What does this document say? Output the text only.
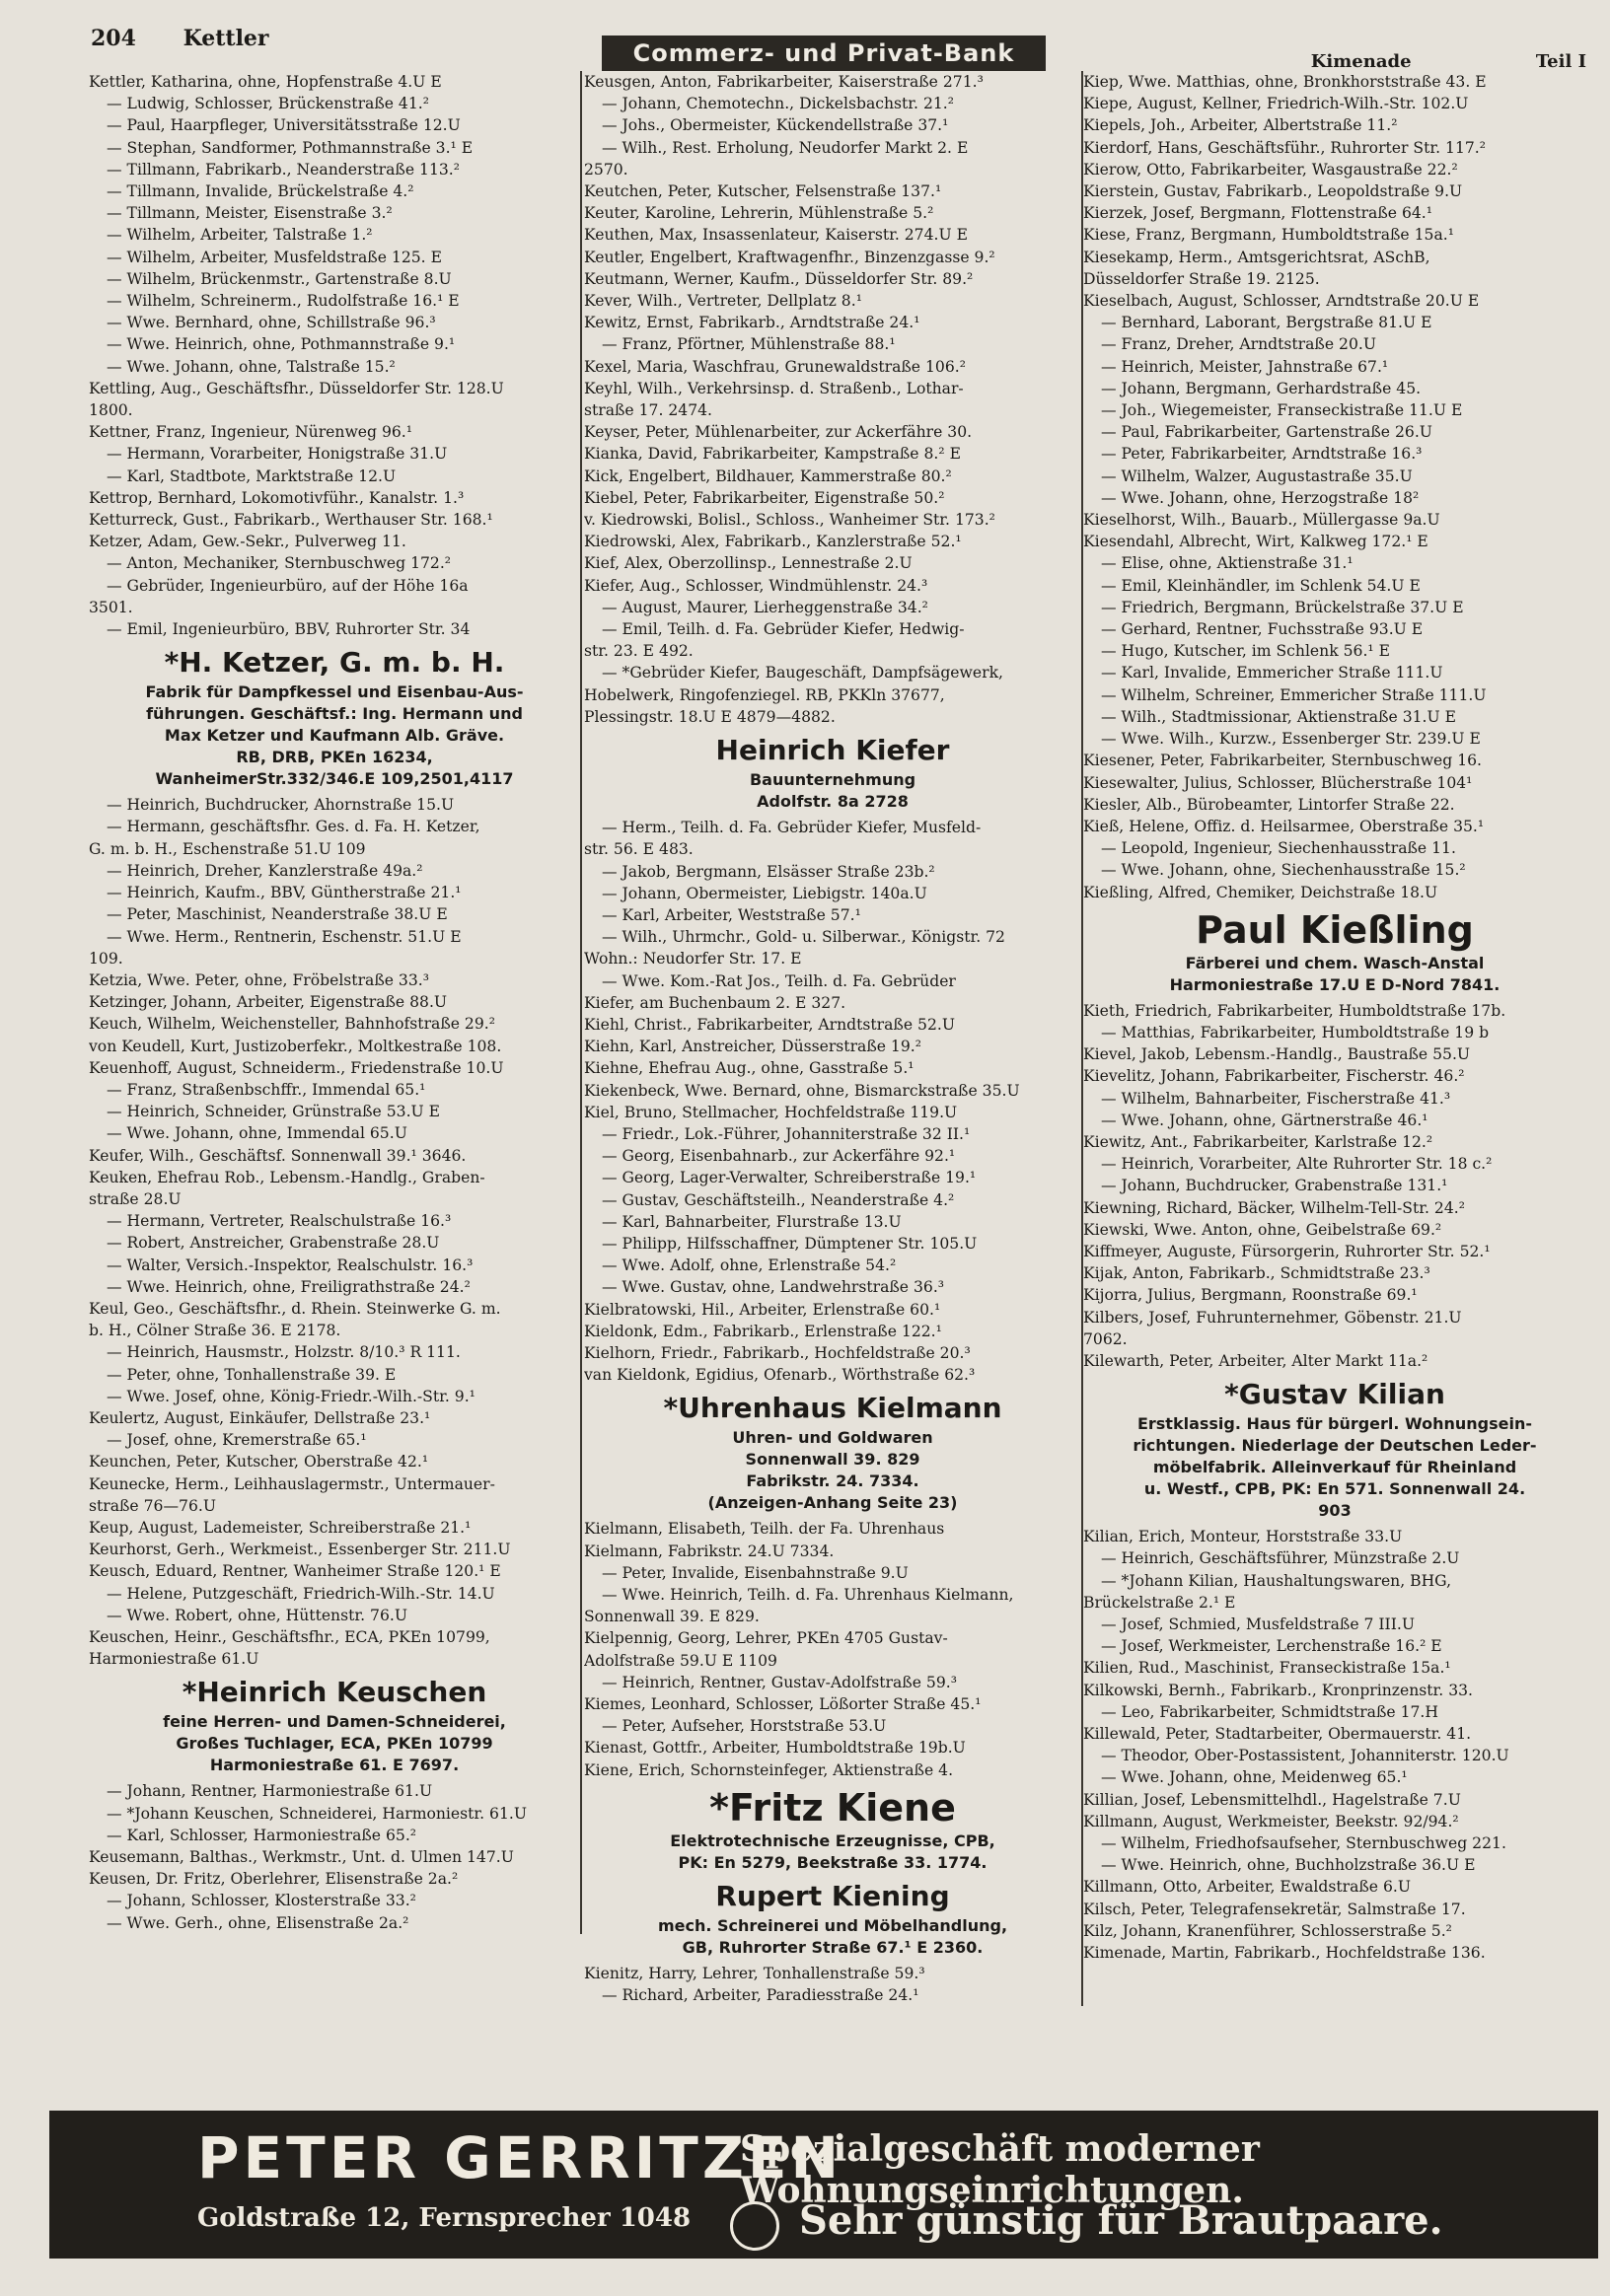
204 Kettler
Commerz- und Privat-Bank	Kimenade	Teil I
Kettler, Katharina, ohne, Hopfenstraße 4.U E
— Ludwig, Schlosser, Brückenstraße 41.²
— Paul, Haarpfleger, Universitätsstraße 12.U
— Stephan, Sandformer, Pothmannstraße 3.¹ E
— Tillmann, Fabrikarb., Neanderstraße 113.²
— Tillmann, Invalide, Brückelstraße 4.²
— Tillmann, Meister, Eisenstraße 3.²
— Wilhelm, Arbeiter, Talstraße 1.²
— Wilhelm, Arbeiter, Musfeldstraße 125. E
— Wilhelm, Brückenmstr., Gartenstraße 8.U
— Wilhelm, Schreinerm., Rudolfstraße 16.¹ E
— Wwe. Bernhard, ohne, Schillstraße 96.³
— Wwe. Heinrich, ohne, Pothmannstraße 9.¹
— Wwe. Johann, ohne, Talstraße 15.²
Kettling, Aug., Geschäftsfhr., Düsseldorfer Str. 128.U
1800.
Kettner, Franz, Ingenieur, Nürenweg 96.¹
— Hermann, Vorarbeiter, Honigstraße 31.U
— Karl, Stadtbote, Marktstraße 12.U
Kettrop, Bernhard, Lokomotivführ., Kanalstr. 1.³
Ketturreck, Gust., Fabrikarb., Werthauser Str. 168.¹
Ketzer, Adam, Gew.-Sekr., Pulverweg 11.
— Anton, Mechaniker, Sternbuschweg 172.²
— Gebrüder, Ingenieurbüro, auf der Höhe 16a
3501.
— Emil, Ingenieurbüro, BBV, Ruhrorter Str. 34
*H. Ketzer, G. m. b. H.
Fabrik für Dampfkessel und Eisenbau-Aus-
führungen. Geschäftsf.: Ing. Hermann und
Max Ketzer und Kaufmann Alb. Gräve.
RB, DRB, PKEn 16234,
WanheimerStr.332/346.E 109,2501,4117
— Heinrich, Buchdrucker, Ahornstraße 15.U
— Hermann, geschäftsfhr. Ges. d. Fa. H. Ketzer,
G. m. b. H., Eschenstraße 51.U 109
— Heinrich, Dreher, Kanzlerstraße 49a.²
— Heinrich, Kaufm., BBV, Güntherstraße 21.¹
— Peter, Maschinist, Neanderstraße 38.U E
— Wwe. Herm., Rentnerin, Eschenstr. 51.U E
109.
Ketzia, Wwe. Peter, ohne, Fröbelstraße 33.³
Ketzinger, Johann, Arbeiter, Eigenstraße 88.U
Keuch, Wilhelm, Weichensteller, Bahnhofstraße 29.²
von Keudell, Kurt, Justizoberfekr., Moltkestraße 108.
Keuenhoff, August, Schneiderm., Friedenstraße 10.U
— Franz, Straßenbschffr., Immendal 65.¹
— Heinrich, Schneider, Grünstraße 53.U E
— Wwe. Johann, ohne, Immendal 65.U
Keufer, Wilh., Geschäftsf. Sonnenwall 39.¹ 3646.
Keuken, Ehefrau Rob., Lebensm.-Handlg., Graben-
straße 28.U
— Hermann, Vertreter, Realschulstraße 16.³
— Robert, Anstreicher, Grabenstraße 28.U
— Walter, Versich.-Inspektor, Realschulstr. 16.³
— Wwe. Heinrich, ohne, Freiligrathstraße 24.²
Keul, Geo., Geschäftsfhr., d. Rhein. Steinwerke G. m.
b. H., Cölner Straße 36. E 2178.
— Heinrich, Hausmstr., Holzstr. 8/10.³ R 111.
— Peter, ohne, Tonhallenstraße 39. E
— Wwe. Josef, ohne, König-Friedr.-Wilh.-Str. 9.¹
Keulertz, August, Einkäufer, Dellstraße 23.¹
— Josef, ohne, Kremerstraße 65.¹
Keunchen, Peter, Kutscher, Oberstraße 42.¹
Keunecke, Herm., Leihhauslagermstr., Untermauer-
straße 76—76.U
Keup, August, Lademeister, Schreiberstraße 21.¹
Keurhorst, Gerh., Werkmeist., Essenberger Str. 211.U
Keusch, Eduard, Rentner, Wanheimer Straße 120.¹ E
— Helene, Putzgeschäft, Friedrich-Wilh.-Str. 14.U
— Wwe. Robert, ohne, Hüttenstr. 76.U
Keuschen, Heinr., Geschäftsfhr., ECA, PKEn 10799,
Harmoniestraße 61.U
*Heinrich Keuschen
feine Herren- und Damen-Schneiderei,
Großes Tuchlager, ECA, PKEn 10799
Harmoniestraße 61. E 7697.
— Johann, Rentner, Harmoniestraße 61.U
— *Johann Keuschen, Schneiderei, Harmoniestr. 61.U
— Karl, Schlosser, Harmoniestraße 65.²
Keusemann, Balthas., Werkmstr., Unt. d. Ulmen 147.U
Keusen, Dr. Fritz, Oberlehrer, Elisenstraße 2a.²
— Johann, Schlosser, Klosterstraße 33.²
— Wwe. Gerh., ohne, Elisenstraße 2a.²
Keusgen, Anton, Fabrikarbeiter, Kaiserstraße 271.³
— Johann, Chemotechn., Dickelsbachstr. 21.²
— Johs., Obermeister, Kückendellstraße 37.¹
— Wilh., Rest. Erholung, Neudorfer Markt 2. E
2570.
Keutchen, Peter, Kutscher, Felsenstraße 137.¹
Keuter, Karoline, Lehrerin, Mühlenstraße 5.²
Keuthen, Max, Insassenlateur, Kaiserstr. 274.U E
Keutler, Engelbert, Kraftwagenfhr., Binzenzgasse 9.²
Keutmann, Werner, Kaufm., Düsseldorfer Str. 89.²
Kever, Wilh., Vertreter, Dellplatz 8.¹
Kewitz, Ernst, Fabrikarb., Arndtstraße 24.¹
— Franz, Pförtner, Mühlenstraße 88.¹
Kexel, Maria, Waschfrau, Grunewaldstraße 106.²
Keyhl, Wilh., Verkehrsinsp. d. Straßenb., Lothar-
straße 17. 2474.
Keyser, Peter, Mühlenarbeiter, zur Ackerfähre 30.
Kiankа, David, Fabrikarbeiter, Kampstraße 8.² E
Kick, Engelbert, Bildhauer, Kammerstraße 80.²
Kiebel, Peter, Fabrikarbeiter, Eigenstraße 50.²
v. Kiedrowski, Bolisl., Schloss., Wanheimer Str. 173.²
Kiedrowski, Alex, Fabrikarb., Kanzlerstraße 52.¹
Kief, Alex, Oberzollinsp., Lennestraße 2.U
Kiefer, Aug., Schlosser, Windmühlenstr. 24.³
— August, Maurer, Lierheggenstraße 34.²
— Emil, Teilh. d. Fa. Gebrüder Kiefer, Hedwig-
str. 23. E 492.
— *Gebrüder Kiefer, Baugeschäft, Dampfsägewerk,
Hobelwerk, Ringofenziegel. RB, PKKln 37677,
Plessingstr. 18.U E 4879—4882.
Heinrich Kiefer
Bauunternehmung
Adolfstr. 8a 2728
— Herm., Teilh. d. Fa. Gebrüder Kiefer, Musfeld-
str. 56. E 483.
— Jakob, Bergmann, Elsässer Straße 23b.²
— Johann, Obermeister, Liebigstr. 140a.U
— Karl, Arbeiter, Weststraße 57.¹
— Wilh., Uhrmchr., Gold- u. Silberwar., Königstr. 72
Wohn.: Neudorfer Str. 17. E
— Wwe. Kom.-Rat Jos., Teilh. d. Fa. Gebrüder
Kiefer, am Buchenbaum 2. E 327.
Kiehl, Christ., Fabrikarbeiter, Arndtstraße 52.U
Kiehn, Karl, Anstreicher, Düsserstraße 19.²
Kiehne, Ehefrau Aug., ohne, Gasstraße 5.¹
Kiekenbeck, Wwe. Bernard, ohne, Bismarckstraße 35.U
Kiel, Bruno, Stellmacher, Hochfeldstraße 119.U
— Friedr., Lok.-Führer, Johanniterstraße 32 II.¹
— Georg, Eisenbahnarb., zur Ackerfähre 92.¹
— Georg, Lager-Verwalter, Schreiberstraße 19.¹
— Gustav, Geschäftsteilh., Neanderstraße 4.²
— Karl, Bahnarbeiter, Flurstraße 13.U
— Philipp, Hilfsschaffner, Dümptener Str. 105.U
— Wwe. Adolf, ohne, Erlenstraße 54.²
— Wwe. Gustav, ohne, Landwehrstraße 36.³
Kielbratowski, Hil., Arbeiter, Erlenstraße 60.¹
Kieldonk, Edm., Fabrikarb., Erlenstraße 122.¹
Kielhorn, Friedr., Fabrikarb., Hochfeldstraße 20.³
van Kieldonk, Egidius, Ofenarb., Wörthstraße 62.³
*Uhrenhaus Kielmann
Uhren- und Goldwaren
Sonnenwall 39. 829
Fabrikstr. 24. 7334.
(Anzeigen-Anhang Seite 23)
Kielmann, Elisabeth, Teilh. der Fa. Uhrenhaus
Kielmann, Fabrikstr. 24.U 7334.
— Peter, Invalide, Eisenbahnstraße 9.U
— Wwe. Heinrich, Teilh. d. Fa. Uhrenhaus Kielmann,
Sonnenwall 39. E 829.
Kielpennig, Georg, Lehrer, PKEn 4705 Gustav-
Adolfstraße 59.U E 1109
— Heinrich, Rentner, Gustav-Adolfstraße 59.³
Kiemes, Leonhard, Schlosser, Lößorter Straße 45.¹
— Peter, Aufseher, Horststraße 53.U
Kienast, Gottfr., Arbeiter, Humboldtstraße 19b.U
Kiene, Erich, Schornsteinfeger, Aktienstraße 4.
*Fritz Kiene
Elektrotechnische Erzeugnisse, CPB,
PK: En 5279, Beekstraße 33. 1774.
Rupert Kiening
mech. Schreinerei und Möbelhandlung,
GB, Ruhrorter Straße 67.¹ E 2360.
Kienitz, Harry, Lehrer, Tonhallenstraße 59.³
— Richard, Arbeiter, Paradiesstraße 24.¹
Kiep, Wwe. Matthias, ohne, Bronkhorststraße 43. E
Kiepe, August, Kellner, Friedrich-Wilh.-Str. 102.U
Kiepels, Joh., Arbeiter, Albertstraße 11.²
Kierdorf, Hans, Geschäftsführ., Ruhrorter Str. 117.²
Kierow, Otto, Fabrikarbeiter, Wasgaustraße 22.²
Kierstein, Gustav, Fabrikarb., Leopoldstraße 9.U
Kierzek, Josef, Bergmann, Flottenstraße 64.¹
Kiese, Franz, Bergmann, Humboldtstraße 15a.¹
Kiesekamp, Herm., Amtsgerichtsrat, ASchB,
Düsseldorfer Straße 19. 2125.
Kieselbach, August, Schlosser, Arndtstraße 20.U E
— Bernhard, Laborant, Bergstraße 81.U E
— Franz, Dreher, Arndtstraße 20.U
— Heinrich, Meister, Jahnstraße 67.¹
— Johann, Bergmann, Gerhardstraße 45.
— Joh., Wiegemeister, Franseckistraße 11.U E
— Paul, Fabrikarbeiter, Gartenstraße 26.U
— Peter, Fabrikarbeiter, Arndtstraße 16.³
— Wilhelm, Walzer, Augustastraße 35.U
— Wwe. Johann, ohne, Herzogstraße 18²
Kieselhorst, Wilh., Bauarb., Müllergasse 9a.U
Kiesendahl, Albrecht, Wirt, Kalkweg 172.¹ E
— Elise, ohne, Aktienstraße 31.¹
— Emil, Kleinhändler, im Schlenk 54.U E
— Friedrich, Bergmann, Brückelstraße 37.U E
— Gerhard, Rentner, Fuchsstraße 93.U E
— Hugo, Kutscher, im Schlenk 56.¹ E
— Karl, Invalide, Emmericher Straße 111.U
— Wilhelm, Schreiner, Emmericher Straße 111.U
— Wilh., Stadtmissionar, Aktienstraße 31.U E
— Wwe. Wilh., Kurzw., Essenberger Str. 239.U E
Kiesener, Peter, Fabrikarbeiter, Sternbuschweg 16.
Kiesewalter, Julius, Schlosser, Blücherstraße 104¹
Kiesler, Alb., Bürobeamter, Lintorfer Straße 22.
Kieß, Helene, Offiz. d. Heilsarmee, Oberstraße 35.¹
— Leopold, Ingenieur, Siechenhausstraße 11.
— Wwe. Johann, ohne, Siechenhausstraße 15.²
Kießling, Alfred, Chemiker, Deichstraße 18.U
Paul Kießling
Färberei und chem. Wasch-Anstal
Harmoniestraße 17.U E D-Nord 7841.
Kieth, Friedrich, Fabrikarbeiter, Humboldtstraße 17b.
— Matthias, Fabrikarbeiter, Humboldtstraße 19 b
Kievel, Jakob, Lebensm.-Handlg., Baustraße 55.U
Kievelitz, Johann, Fabrikarbeiter, Fischerstr. 46.²
— Wilhelm, Bahnarbeiter, Fischerstraße 41.³
— Wwe. Johann, ohne, Gärtnerstraße 46.¹
Kiewitz, Ant., Fabrikarbeiter, Karlstraße 12.²
— Heinrich, Vorarbeiter, Alte Ruhrorter Str. 18 c.²
— Johann, Buchdrucker, Grabenstraße 131.¹
Kiewning, Richard, Bäcker, Wilhelm-Tell-Str. 24.²
Kiewski, Wwe. Anton, ohne, Geibelstraße 69.²
Kiffmeyer, Auguste, Fürsorgerin, Ruhrorter Str. 52.¹
Kijak, Anton, Fabrikarb., Schmidtstraße 23.³
Kijorra, Julius, Bergmann, Roonstraße 69.¹
Kilbers, Josef, Fuhrunternehmer, Göbenstr. 21.U
7062.
Kilewarth, Peter, Arbeiter, Alter Markt 11a.²
*Gustav Kilian
Erstklassig. Haus für bürgerl. Wohnungsein-
richtungen. Niederlage der Deutschen Leder-
möbelfabrik. Alleinverkauf für Rheinland
u. Westf., CPB, PK: En 571. Sonnenwall 24.
903
Kilian, Erich, Monteur, Horststraße 33.U
— Heinrich, Geschäftsführer, Münzstraße 2.U
— *Johann Kilian, Haushaltungswaren, BHG,
Brückelstraße 2.¹ E
— Josef, Schmied, Musfeldstraße 7 III.U
— Josef, Werkmeister, Lerchenstraße 16.² E
Kilien, Rud., Maschinist, Franseckistraße 15a.¹
Kilkowski, Bernh., Fabrikarb., Kronprinzenstr. 33.
— Leo, Fabrikarbeiter, Schmidtstraße 17.H
Killewald, Peter, Stadtarbeiter, Obermauerstr. 41.
— Theodor, Ober-Postassistent, Johanniterstr. 120.U
— Wwe. Johann, ohne, Meidenweg 65.¹
Killian, Josef, Lebensmittelhdl., Hagelstraße 7.U
Killmann, August, Werkmeister, Beekstr. 92/94.²
— Wilhelm, Friedhofsaufseher, Sternbuschweg 221.
— Wwe. Heinrich, ohne, Buchholzstraße 36.U E
Killmann, Otto, Arbeiter, Ewaldstraße 6.U
Kilsch, Peter, Telegrafensekretär, Salmstraße 17.
Kilz, Johann, Kranenführer, Schlosserstraße 5.²
Kimenade, Martin, Fabrikarb., Hochfeldstraße 136.
PETER GERRITZEN
Goldstraße 12, Fernsprecher 1048
Spezialgeschäft moderner Wohnungseinrichtungen.
Sehr günstig für Brautpaare.
